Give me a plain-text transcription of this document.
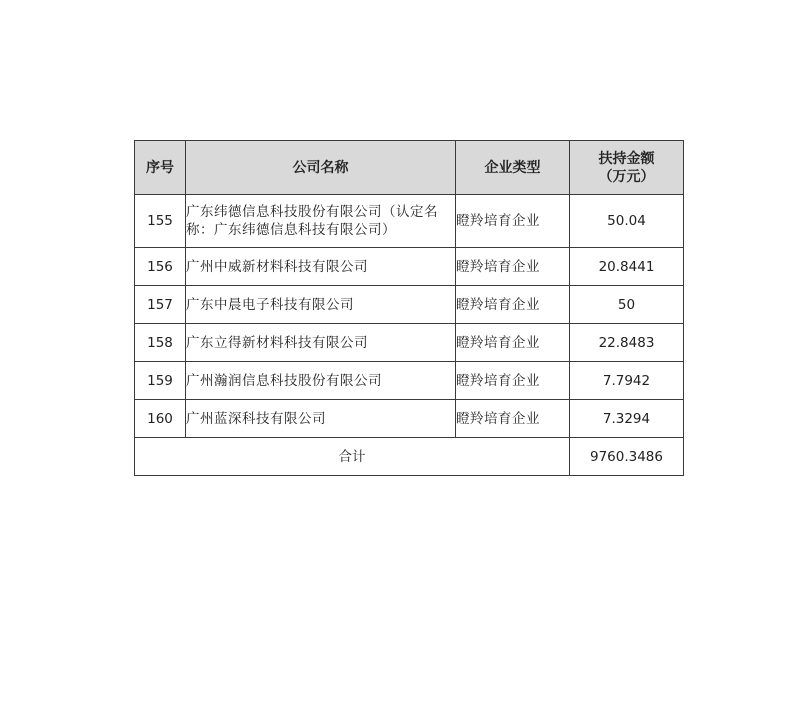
序号	公司名称	企业类型	扶持金额
（万元）

155	广东纬德信息科技股份有限公司（认定名称：广东纬德信息科技有限公司）	瞪羚培育企业	50.04
156	广州中威新材料科技有限公司	瞪羚培育企业	20.8441
157	广东中晨电子科技有限公司	瞪羚培育企业	50
158	广东立得新材料科技有限公司	瞪羚培育企业	22.8483
159	广州瀚润信息科技股份有限公司	瞪羚培育企业	7.7942
160	广州蓝深科技有限公司	瞪羚培育企业	7.3294
合计			9760.3486
